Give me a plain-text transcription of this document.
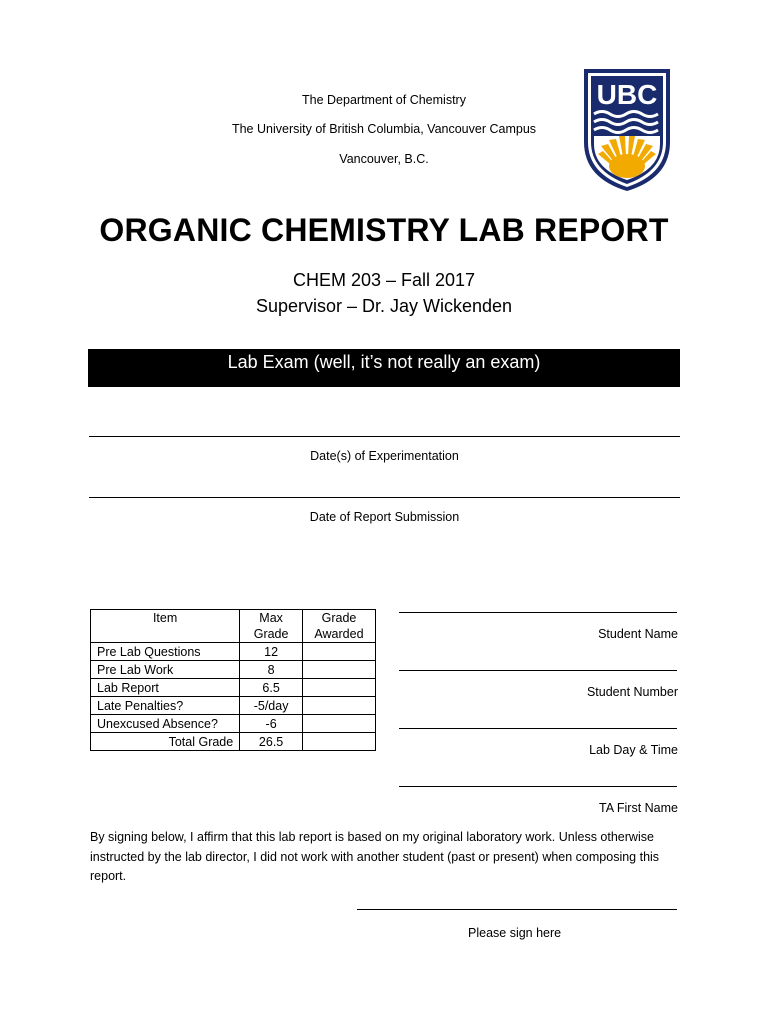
The Department of Chemistry
The University of British Columbia, Vancouver Campus
Vancouver, B.C.
UBC
ORGANIC CHEMISTRY LAB REPORT
CHEM 203 – Fall 2017
Supervisor – Dr. Jay Wickenden
Lab Exam (well, it’s not really an exam)
Date(s) of Experimentation
Date of Report Submission
Item	Max Grade	Grade Awarded

Pre Lab Questions	12	
Pre Lab Work	8	
Lab Report	6.5	
Late Penalties?	-5/day	
Unexcused Absence?	-6	
Total Grade	26.5	
Student Name
Student Number
Lab Day & Time
TA First Name
By signing below, I affirm that this lab report is based on my original laboratory work. Unless otherwise instructed by the lab director, I did not work with another student (past or present) when composing this report.
Please sign here
